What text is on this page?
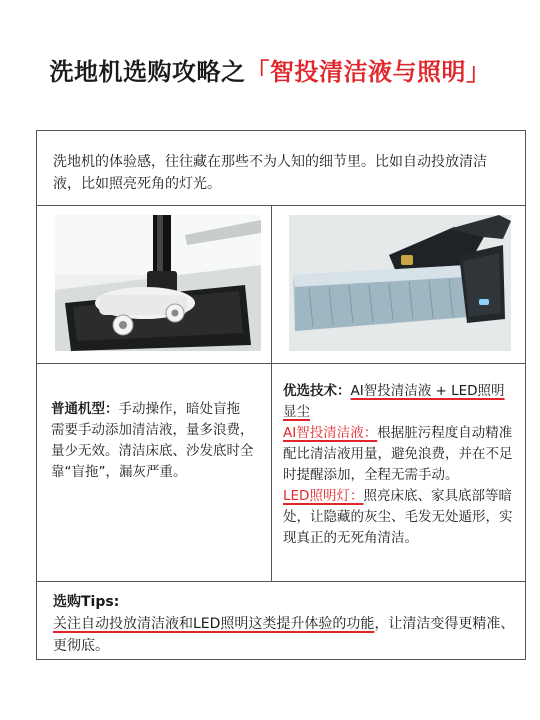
洗地机选购攻略之「智投清洁液与照明」
洗地机的体验感，往往藏在那些不为人知的细节里。比如自动投放清洁液，比如照亮死角的灯光。
普通机型：手动操作，暗处盲拖
需要手动添加清洁液，量多浪费，量少无效。清洁床底、沙发底时全靠“盲拖”，漏灰严重。
优选技术：AI智投清洁液 + LED照明显尘
AI智投清洁液：根据脏污程度自动精准配比清洁液用量，避免浪费，并在不足时提醒添加，全程无需手动。
LED照明灯：照亮床底、家具底部等暗处，让隐藏的灰尘、毛发无处遁形，实现真正的无死角清洁。
选购Tips:
关注自动投放清洁液和LED照明这类提升体验的功能，让清洁变得更精准、更彻底。
